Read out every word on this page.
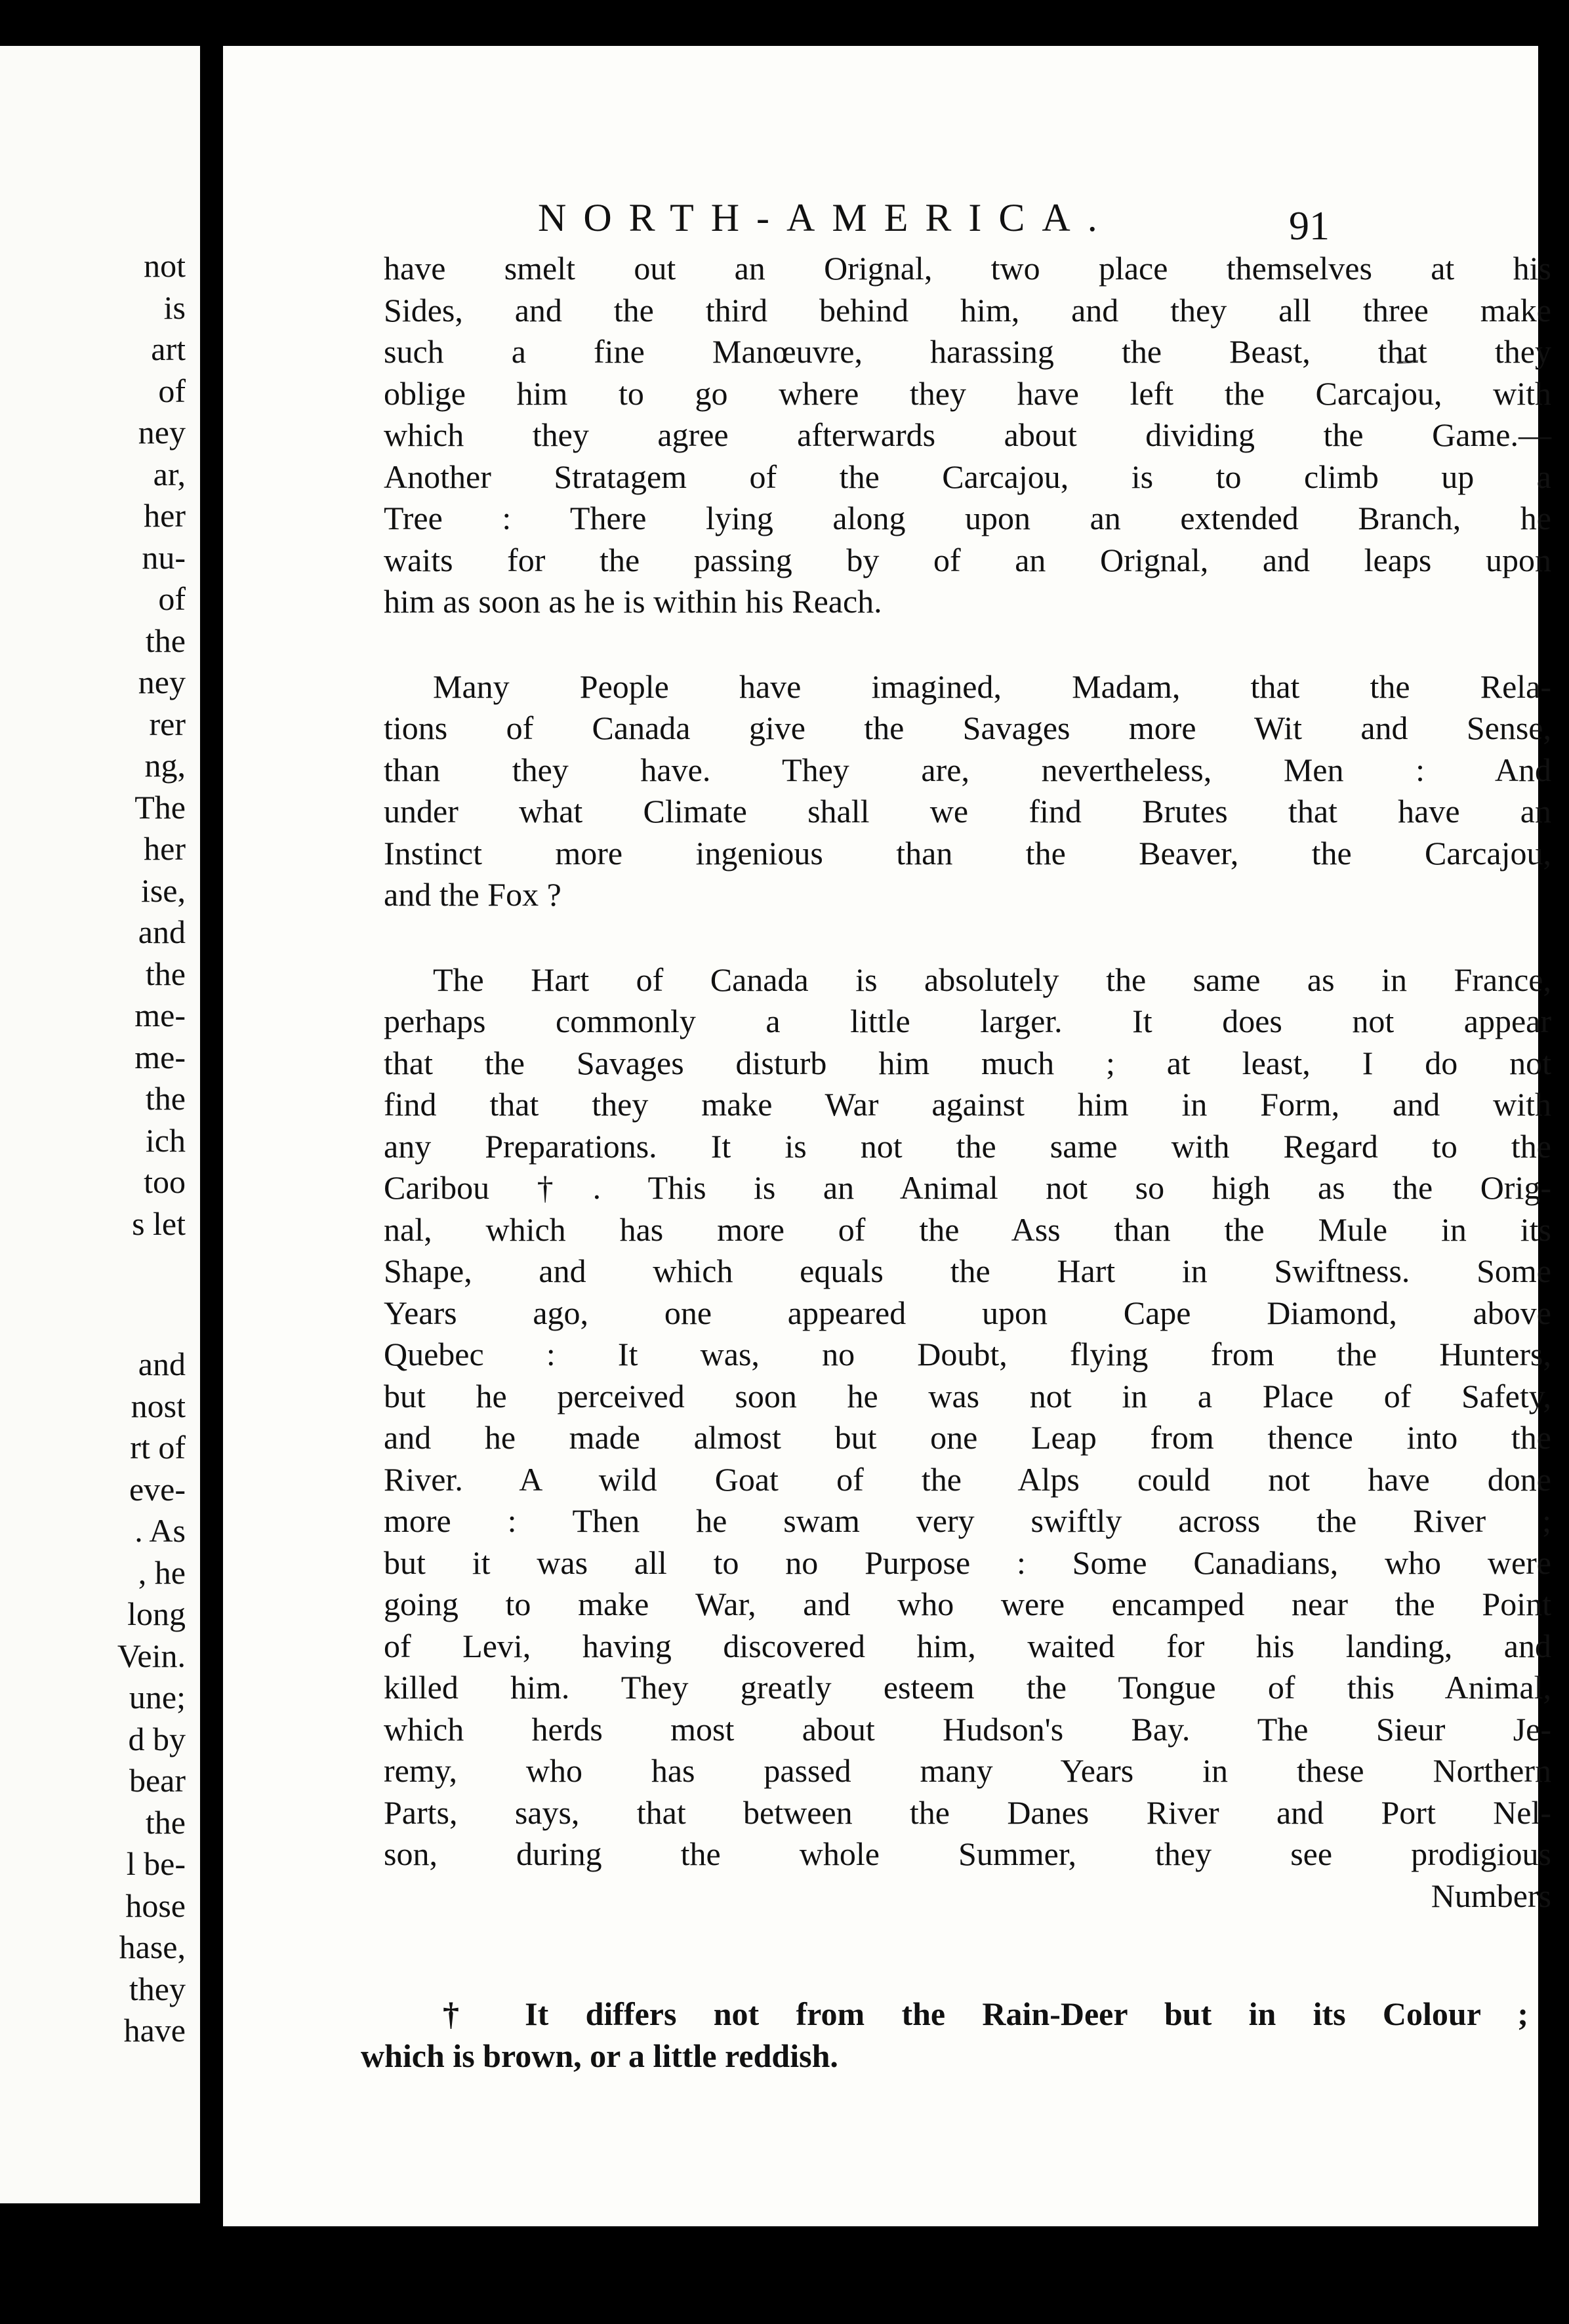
not
is
art
of
ney
ar,
her
nu-
of
the
ney
rer
ng,
The
her
ise,
and
the
me-
me-
the
ich
too
s let
and
nost
rt of
eve-
. As
, he
long
Vein.
une;
d by
bear
the
l be-
hose
hase,
they
have
NORTH-AMERICA.	91
have smelt out an Orignal, two place themselves at his
Sides, and the third behind him, and they all three make
such a fine Manœuvre, harassing the Beast, that they
oblige him to go where they have left the Carcajou, with
which they agree afterwards about dividing the Game.—
Another Stratagem of the Carcajou, is to climb up a
Tree : There lying along upon an extended Branch, he
waits for the passing by of an Orignal, and leaps upon
him as soon as he is within his Reach.
Many People have imagined, Madam, that the Rela-
tions of Canada give the Savages more Wit and Sense,
than they have. They are, nevertheless, Men : And
under what Climate shall we find Brutes that have an
Instinct more ingenious than the Beaver, the Carcajou,
and the Fox ?
The Hart of Canada is absolutely the same as in France,
perhaps commonly a little larger. It does not appear
that the Savages disturb him much ; at least, I do not
find that they make War against him in Form, and with
any Preparations. It is not the same with Regard to the
Caribou †. This is an Animal not so high as the Orig-
nal, which has more of the Ass than the Mule in its
Shape, and which equals the Hart in Swiftness. Some
Years ago, one appeared upon Cape Diamond, above
Quebec : It was, no Doubt, flying from the Hunters,
but he perceived soon he was not in a Place of Safety,
and he made almost but one Leap from thence into the
River. A wild Goat of the Alps could not have done
more : Then he swam very swiftly across the River ;
but it was all to no Purpose : Some Canadians, who were
going to make War, and who were encamped near the Point
of Levi, having discovered him, waited for his landing, and
killed him. They greatly esteem the Tongue of this Animal,
which herds most about Hudson's Bay. The Sieur Je-
remy, who has passed many Years in these Northern
Parts, says, that between the Danes River and Port Nel-
son, during the whole Summer, they see prodigious
Numbers
† It differs not from the Rain-Deer but in its Colour ;
which is brown, or a little reddish.
